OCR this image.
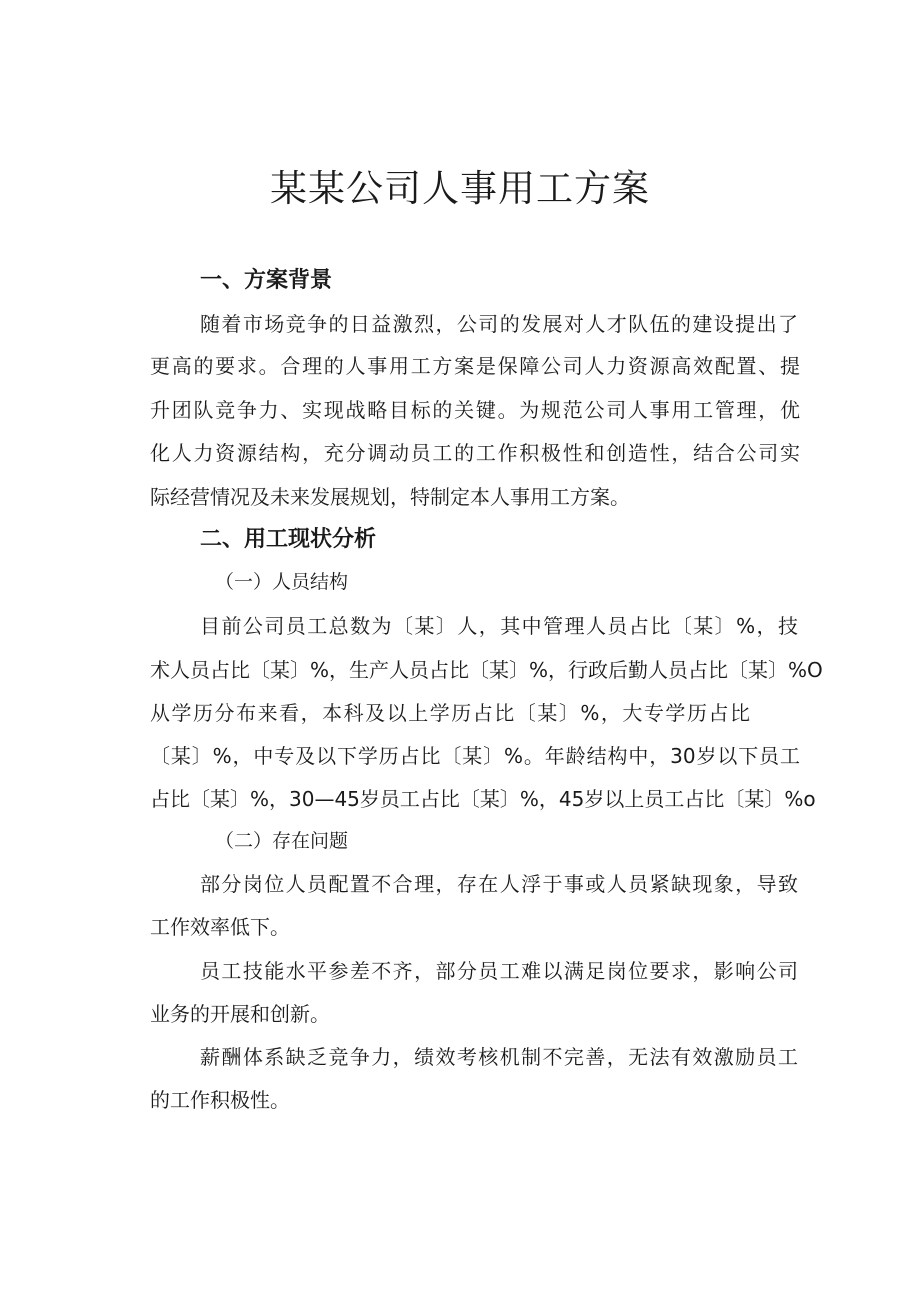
某某公司人事用工方案
一、方案背景
随着市场竞争的日益激烈，公司的发展对人才队伍的建设提出了
更高的要求。合理的人事用工方案是保障公司人力资源高效配置、提
升团队竞争力、实现战略目标的关键。为规范公司人事用工管理，优
化人力资源结构，充分调动员工的工作积极性和创造性，结合公司实
际经营情况及未来发展规划，特制定本人事用工方案。
二、用工现状分析
（一）人员结构
目前公司员工总数为〔某〕人，其中管理人员占比〔某〕%，技
术人员占比〔某〕%，生产人员占比〔某〕%，行政后勤人员占比〔某〕%O
从学历分布来看，本科及以上学历占比〔某〕%，大专学历占比
〔某〕%，中专及以下学历占比〔某〕%。年龄结构中，30岁以下员工
占比〔某〕%，30—45岁员工占比〔某〕%，45岁以上员工占比〔某〕%o
（二）存在问题
部分岗位人员配置不合理，存在人浮于事或人员紧缺现象，导致
工作效率低下。
员工技能水平参差不齐，部分员工难以满足岗位要求，影响公司
业务的开展和创新。
薪酬体系缺乏竞争力，绩效考核机制不完善，无法有效激励员工
的工作积极性。
